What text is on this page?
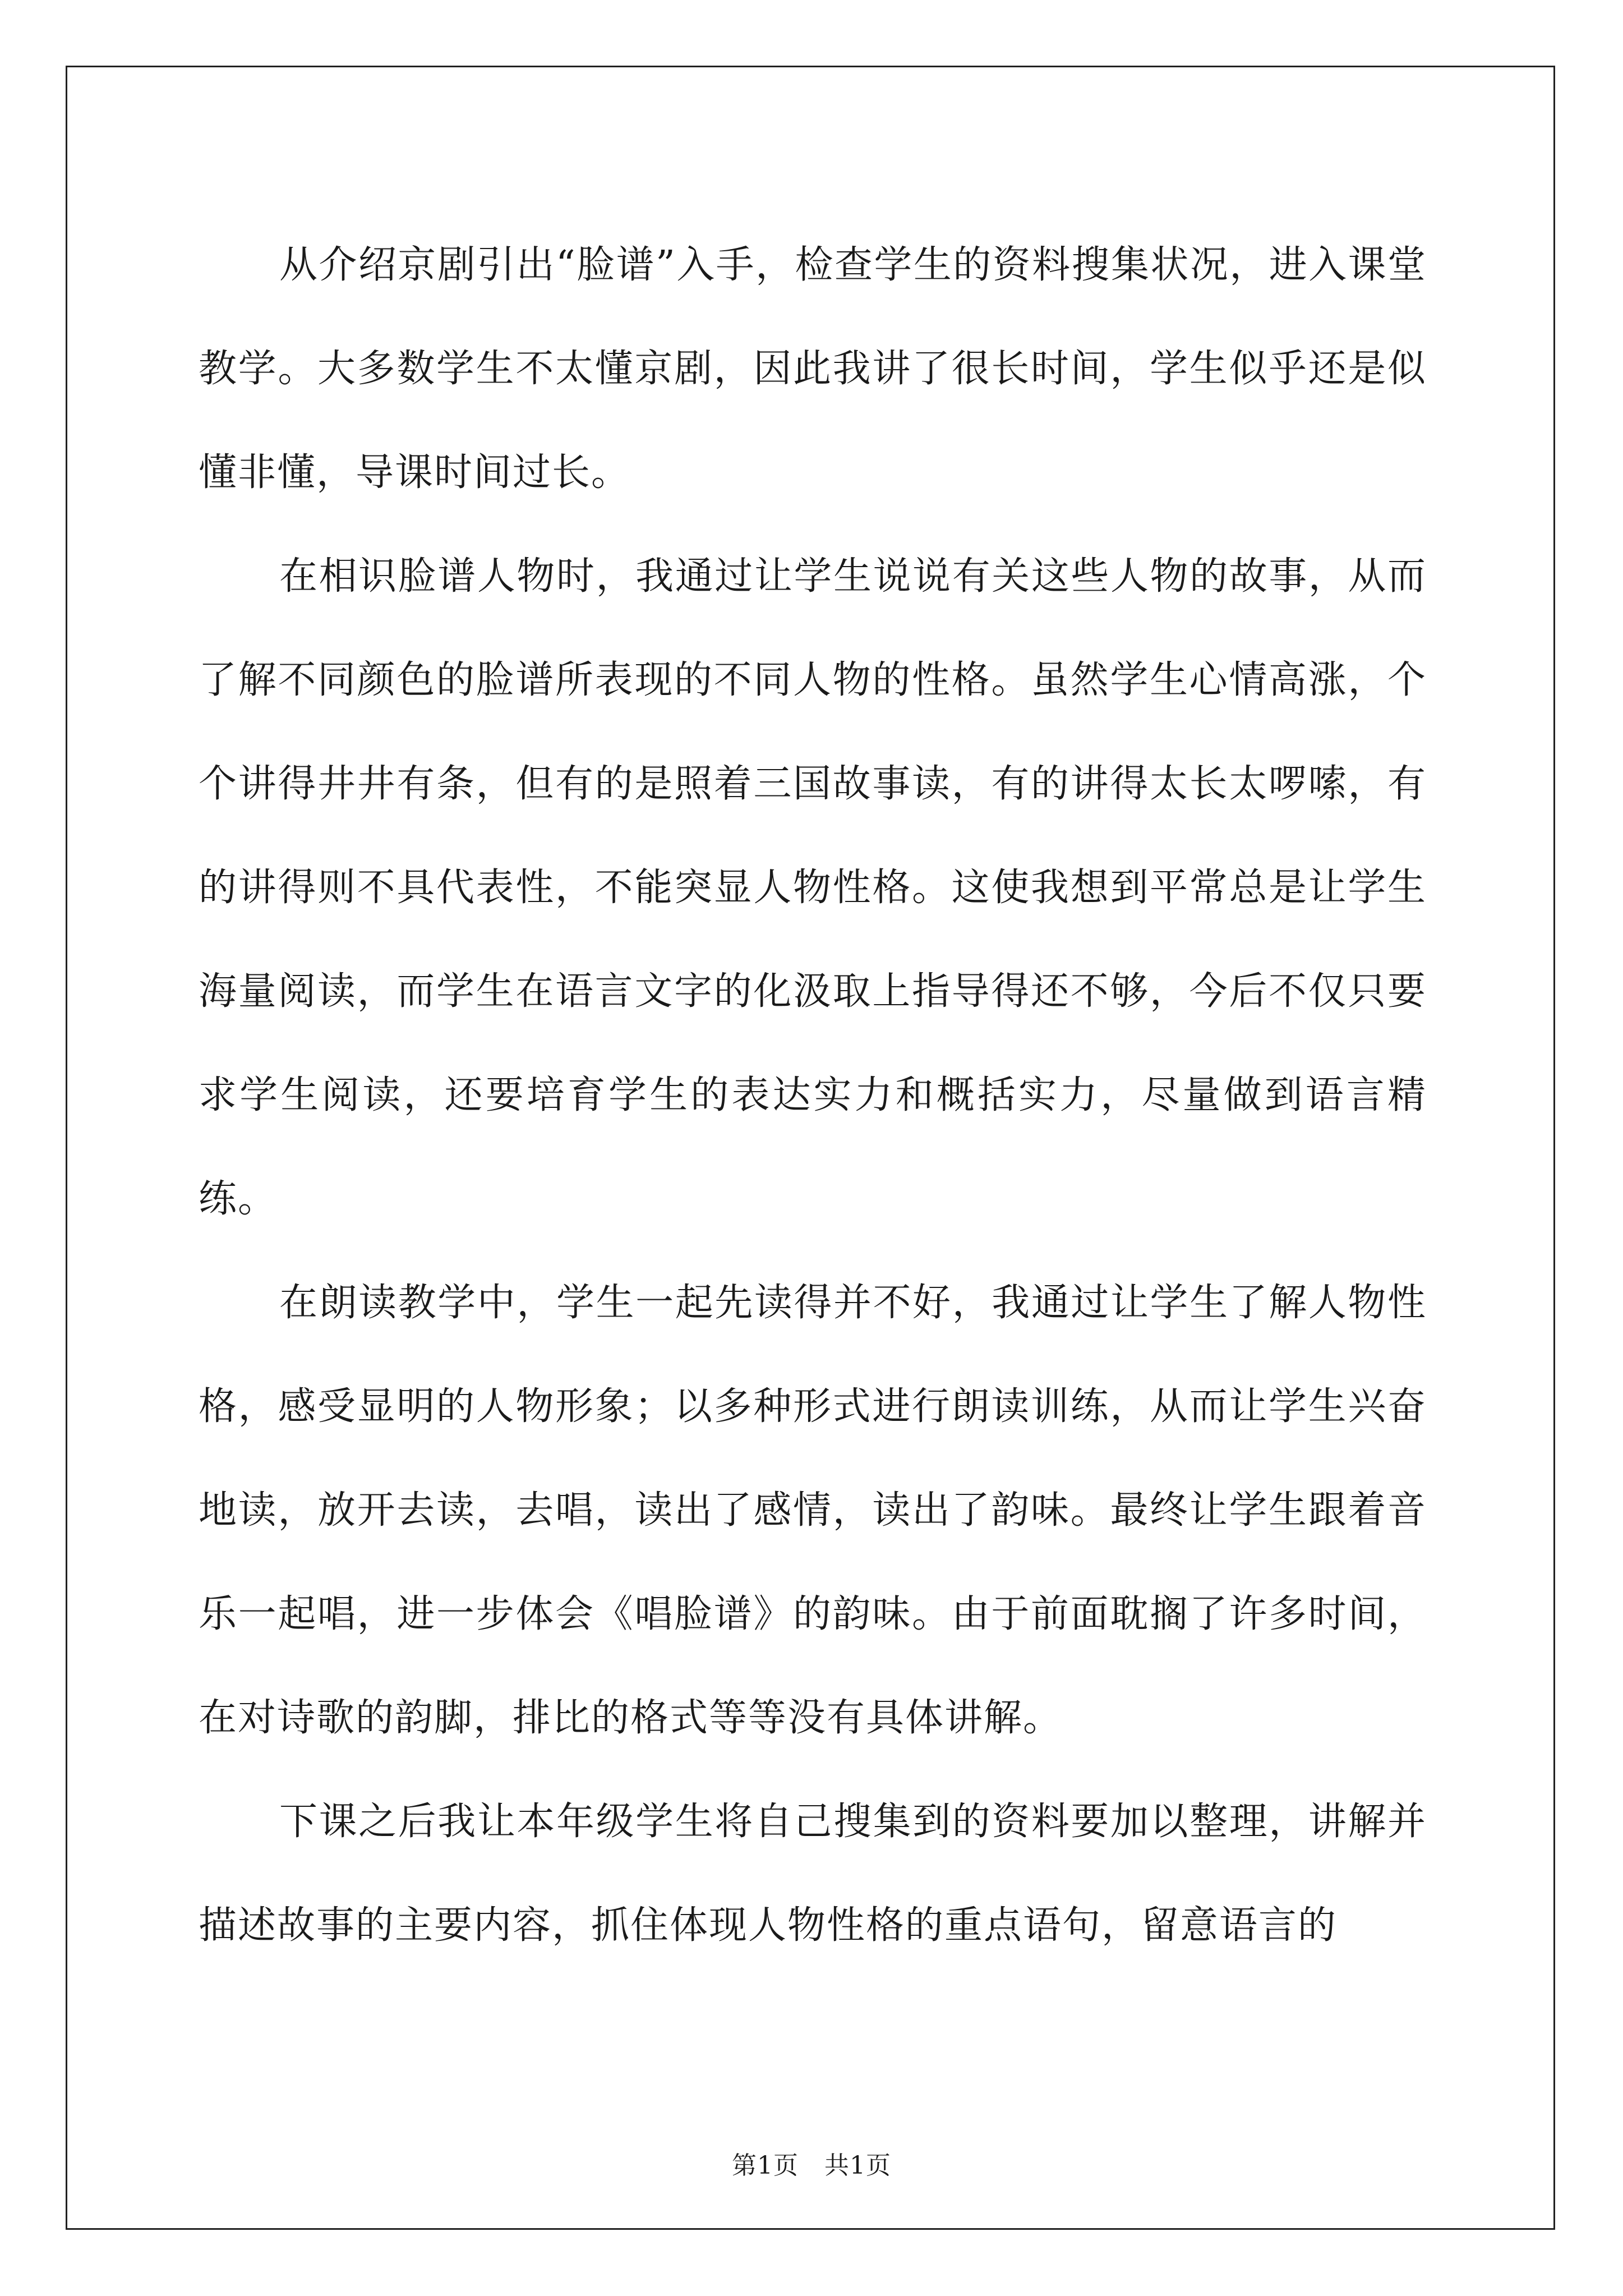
从介绍京剧引出“脸谱”入手，检查学生的资料搜集状况，进入课堂教学。大多数学生不太懂京剧，因此我讲了很长时间，学生似乎还是似懂非懂，导课时间过长。

在相识脸谱人物时，我通过让学生说说有关这些人物的故事，从而了解不同颜色的脸谱所表现的不同人物的性格。虽然学生心情高涨，个个讲得井井有条，但有的是照着三国故事读，有的讲得太长太啰嗦，有的讲得则不具代表性，不能突显人物性格。这使我想到平常总是让学生海量阅读，而学生在语言文字的化汲取上指导得还不够，今后不仅只要求学生阅读，还要培育学生的表达实力和概括实力，尽量做到语言精练。

在朗读教学中，学生一起先读得并不好，我通过让学生了解人物性格，感受显明的人物形象；以多种形式进行朗读训练，从而让学生兴奋地读，放开去读，去唱，读出了感情，读出了韵味。最终让学生跟着音乐一起唱，进一步体会《唱脸谱》的韵味。由于前面耽搁了许多时间，在对诗歌的韵脚，排比的格式等等没有具体讲解。

下课之后我让本年级学生将自己搜集到的资料要加以整理，讲解并描述故事的主要内容，抓住体现人物性格的重点语句，留意语言的

第1页 共1页
